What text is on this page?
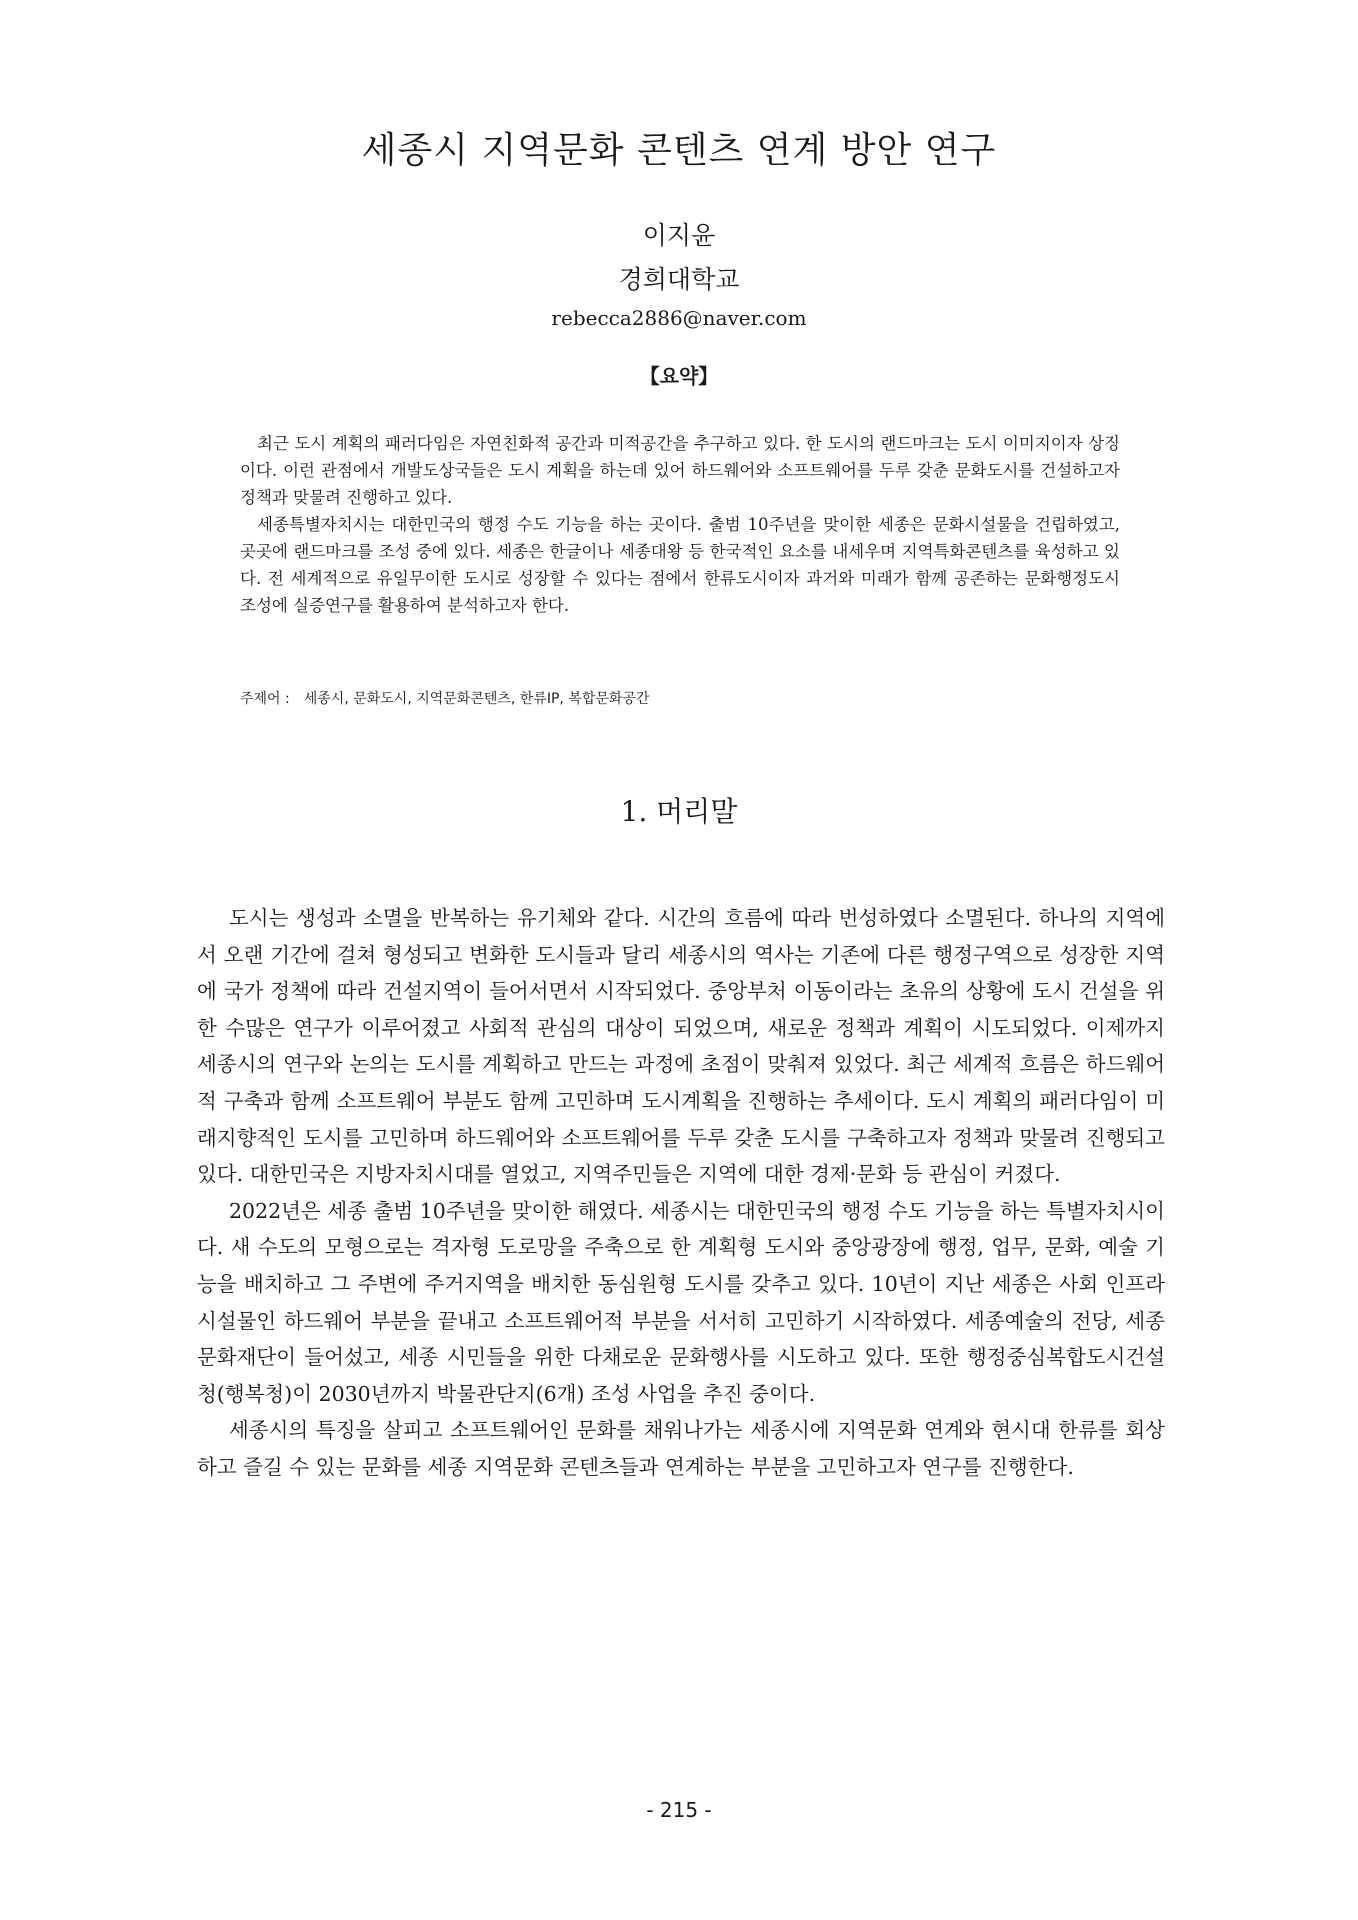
세종시 지역문화 콘텐츠 연계 방안 연구
이지윤
경희대학교
rebecca2886@naver.com
【요약】

최근 도시 계획의 패러다임은 자연친화적 공간과 미적공간을 추구하고 있다. 한 도시의 랜드마크는 도시 이미지이자 상징이다. 이런 관점에서 개발도상국들은 도시 계획을 하는데 있어 하드웨어와 소프트웨어를 두루 갖춘 문화도시를 건설하고자 정책과 맞물려 진행하고 있다.

세종특별자치시는 대한민국의 행정 수도 기능을 하는 곳이다. 출범 10주년을 맞이한 세종은 문화시설물을 건립하였고, 곳곳에 랜드마크를 조성 중에 있다. 세종은 한글이나 세종대왕 등 한국적인 요소를 내세우며 지역특화콘텐츠를 육성하고 있다. 전 세계적으로 유일무이한 도시로 성장할 수 있다는 점에서 한류도시이자 과거와 미래가 함께 공존하는 문화행정도시 조성에 실증연구를 활용하여 분석하고자 한다.

주제어 : 세종시, 문화도시, 지역문화콘텐츠, 한류IP, 복합문화공간
1. 머리말

도시는 생성과 소멸을 반복하는 유기체와 같다. 시간의 흐름에 따라 번성하였다 소멸된다. 하나의 지역에서 오랜 기간에 걸쳐 형성되고 변화한 도시들과 달리 세종시의 역사는 기존에 다른 행정구역으로 성장한 지역에 국가 정책에 따라 건설지역이 들어서면서 시작되었다. 중앙부처 이동이라는 초유의 상황에 도시 건설을 위한 수많은 연구가 이루어졌고 사회적 관심의 대상이 되었으며, 새로운 정책과 계획이 시도되었다. 이제까지 세종시의 연구와 논의는 도시를 계획하고 만드는 과정에 초점이 맞춰져 있었다. 최근 세계적 흐름은 하드웨어적 구축과 함께 소프트웨어 부분도 함께 고민하며 도시계획을 진행하는 추세이다. 도시 계획의 패러다임이 미래지향적인 도시를 고민하며 하드웨어와 소프트웨어를 두루 갖춘 도시를 구축하고자 정책과 맞물려 진행되고 있다. 대한민국은 지방자치시대를 열었고, 지역주민들은 지역에 대한 경제·문화 등 관심이 커졌다.

2022년은 세종 출범 10주년을 맞이한 해였다. 세종시는 대한민국의 행정 수도 기능을 하는 특별자치시이다. 새 수도의 모형으로는 격자형 도로망을 주축으로 한 계획형 도시와 중앙광장에 행정, 업무, 문화, 예술 기능을 배치하고 그 주변에 주거지역을 배치한 동심원형 도시를 갖추고 있다. 10년이 지난 세종은 사회 인프라 시설물인 하드웨어 부분을 끝내고 소프트웨어적 부분을 서서히 고민하기 시작하였다. 세종예술의 전당, 세종문화재단이 들어섰고, 세종 시민들을 위한 다채로운 문화행사를 시도하고 있다. 또한 행정중심복합도시건설청(행복청)이 2030년까지 박물관단지(6개) 조성 사업을 추진 중이다.

세종시의 특징을 살피고 소프트웨어인 문화를 채워나가는 세종시에 지역문화 연계와 현시대 한류를 회상하고 즐길 수 있는 문화를 세종 지역문화 콘텐츠들과 연계하는 부분을 고민하고자 연구를 진행한다.

- 215 -
